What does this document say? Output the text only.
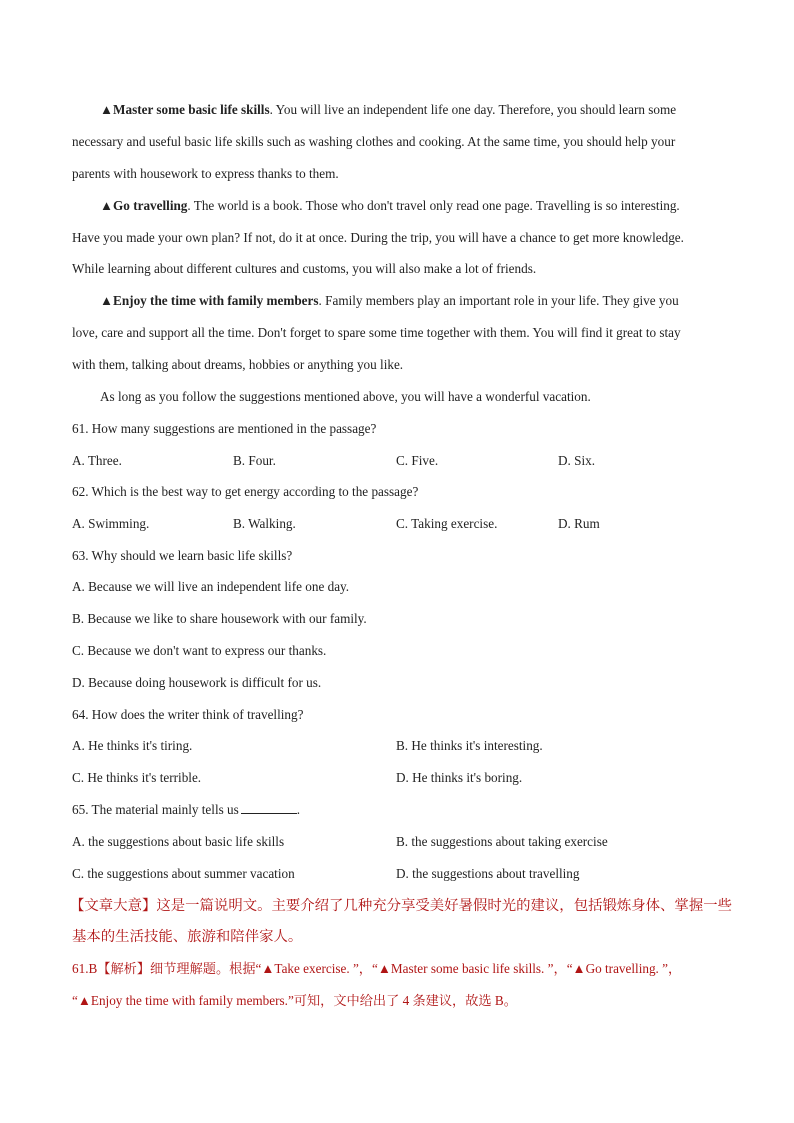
▲Master some basic life skills. You will live an independent life one day. Therefore, you should learn some
necessary and useful basic life skills such as washing clothes and cooking. At the same time, you should help your
parents with housework to express thanks to them.
▲Go travelling. The world is a book. Those who don't travel only read one page. Travelling is so interesting.
Have you made your own plan? If not, do it at once. During the trip, you will have a chance to get more knowledge.
While learning about different cultures and customs, you will also make a lot of friends.
▲Enjoy the time with family members. Family members play an important role in your life. They give you
love, care and support all the time. Don't forget to spare some time together with them. You will find it great to stay
with them, talking about dreams, hobbies or anything you like.
As long as you follow the suggestions mentioned above, you will have a wonderful vacation.
61. How many suggestions are mentioned in the passage?
A. Three.	B. Four.	C. Five.	D. Six.
62. Which is the best way to get energy according to the passage?
A. Swimming.	B. Walking.	C. Taking exercise.	D. Rum
63. Why should we learn basic life skills?
A. Because we will live an independent life one day.
B. Because we like to share housework with our family.
C. Because we don't want to express our thanks.
D. Because doing housework is difficult for us.
64. How does the writer think of travelling?
A. He thinks it's tiring.	B. He thinks it's interesting.
C. He thinks it's terrible.	D. He thinks it's boring.
65. The material mainly tells us	.
A. the suggestions about basic life skills	B. the suggestions about taking exercise
C. the suggestions about summer vacation	D. the suggestions about travelling
【文章大意】这是一篇说明文。主要介绍了几种充分享受美好暑假时光的建议，包括锻炼身体、掌握一些
基本的生活技能、旅游和陪伴家人。
61.B【解析】细节理解题。根据“▲Take exercise. ”，“▲Master some basic life skills. ”，“▲Go travelling. ”，
“▲Enjoy the time with family members.”可知，文中给出了 4 条建议，故选 B。
